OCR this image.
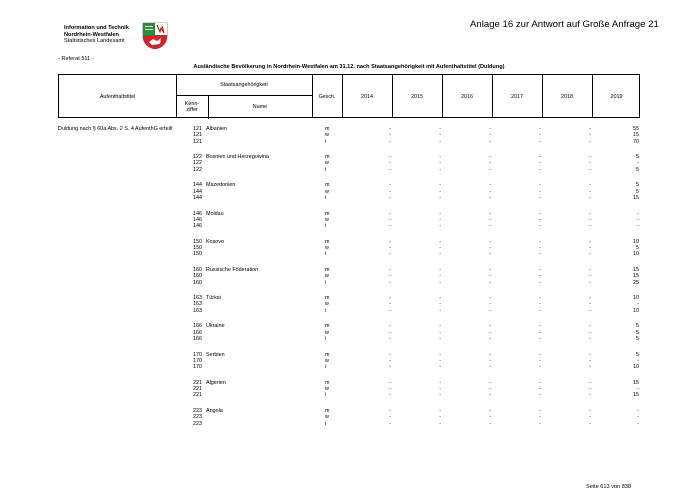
Information und Technik
Nordrhein-Westfalen
Statistisches Landesamt
Anlage 16 zur Antwort auf Große Anfrage 21
- Referat 511 -
Ausländische Bevölkerung in Nordrhein-Westfalen am 31.12. nach Staatsangehörigkeit mit Aufenthaltstitel (Duldung)
Aufenthaltstitel
Staatsangehörigkeit
Kenn-
ziffer	Name
Gesch.	2014	2015	2016	2017	2018	2019
Duldung nach § 60a Abs. 2 S. 4 AufenthG erteilt	121 Albanien	m	-	-	-	-	-	55
121	w	-	-	-	-	-	15
121	i	-	-	-	-	-	70
122 Bosnien und Herzegowina	m	-	-	-	-	-	5
122	w	-	-	-	-	-	-
122	i	-	-	-	-	-	5
144 Mazedonien	m	-	-	-	-	-	5
144	w	-	-	-	-	-	5
144	i	-	-	-	-	-	15
146 Moldau	m	-	-	-	-	-	-
146	w	-	-	-	-	-	-
146	i	-	-	-	-	-	-
150 Kosovo	m	-	-	-	-	-	10
150	w	-	-	-	-	-	5
150	i	-	-	-	-	-	10
160 Russische Föderation	m	-	-	-	-	-	15
160	w	-	-	-	-	-	15
160	i	-	-	-	-	-	25
163 Türkei	m	-	-	-	-	-	10
163	w	-	-	-	-	-	-
163	i	-	-	-	-	-	10
166 Ukraine	m	-	-	-	-	-	5
166	w	-	-	-	-	-	5
166	i	-	-	-	-	-	5
170 Serbien	m	-	-	-	-	-	5
170	w	-	-	-	-	-	-
170	i	-	-	-	-	-	10
221 Algerien	m	-	-	-	-	-	15
221	w	-	-	-	-	-	-
221	i	-	-	-	-	-	15
223 Angola	m	-	-	-	-	-	-
223	w	-	-	-	-	-	-
223	i	-	-	-	-	-	-
Seite 613 von 838
